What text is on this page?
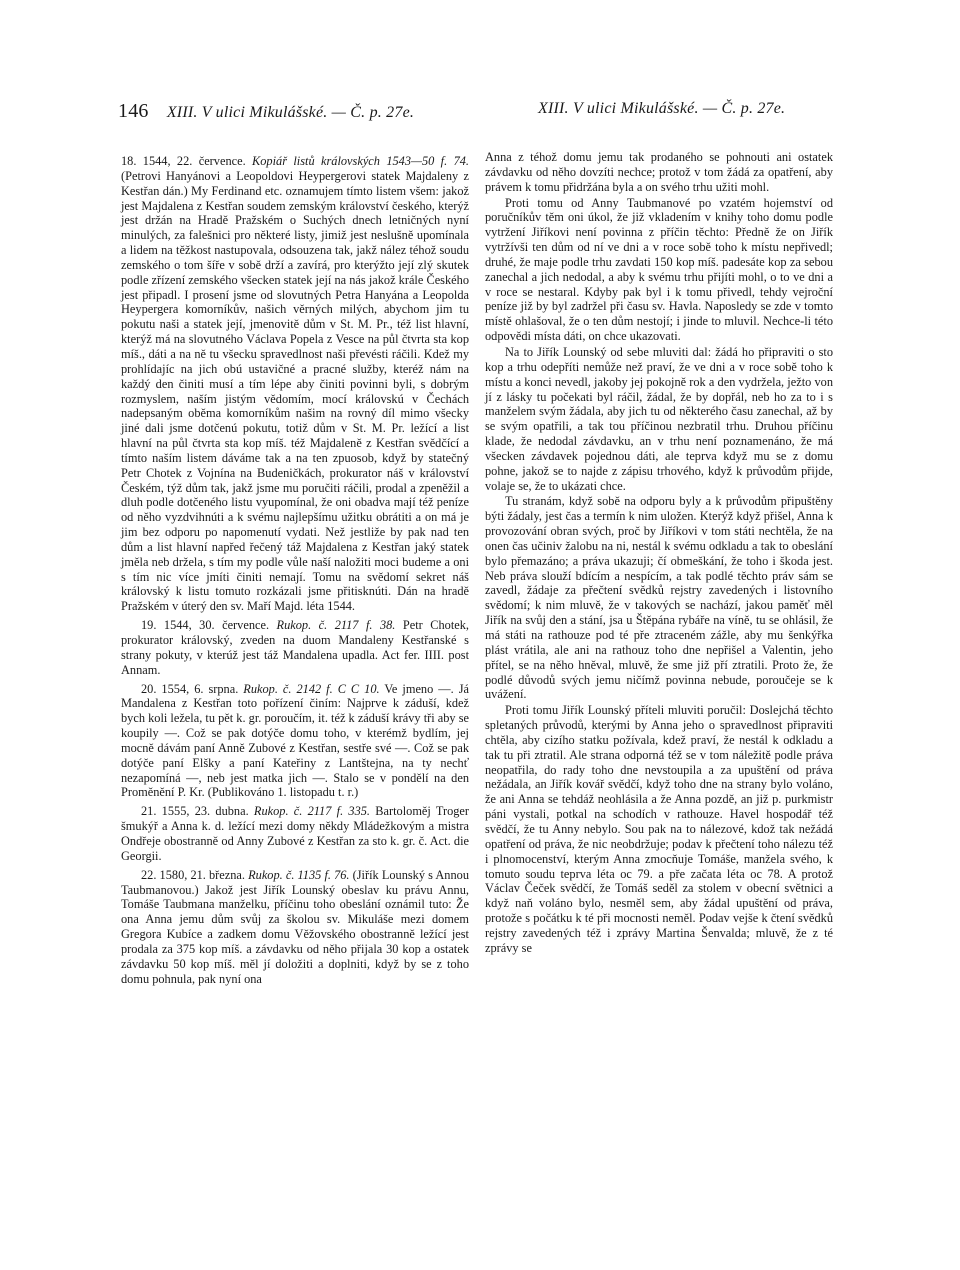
146 XIII. V ulici Mikulášské. — Č. p. 27e.	XIII. V ulici Mikulášské. — Č. p. 27e.

18. 1544, 22. července. Kopiář listů královských 1543—50 f. 74. (Petrovi Hanyánovi a Leopoldovi Heypergerovi statek Majdaleny z Kestřan dán.) My Ferdinand etc. oznamujem tímto listem všem: jakož jest Majdalena z Kestřan soudem zemským království českého, kterýž jest držán na Hradě Pražském o Suchých dnech letničných nyní minulých, za falešnici pro některé listy, jimiž jest neslušně upomínala a lidem na těžkost nastupovala, odsouzena tak, jakž nález téhož soudu zemského o tom šíře v sobě drží a zavírá, pro kterýžto její zlý skutek podle zřízení zemského všecken statek její na nás jakož krále Českého jest připadl. I prosení jsme od slovutných Petra Hanyána a Leopolda Heypergera komorníkův, našich věrných milých, abychom jim tu pokutu naši a statek její, jmenovitě dům v St. M. Pr., též list hlavní, kterýž má na slovutného Václava Popela z Vesce na půl čtvrta sta kop míš., dáti a na ně tu všecku spravedlnost naši převésti ráčili. Kdež my prohlídajíc na jich obú ustavičné a pracné služby, kteréž nám na každý den činiti musí a tím lépe aby činiti povinni byli, s dobrým rozmyslem, naším jistým vědomím, mocí královskú v Čechách nadepsaným oběma komorníkům našim na rovný díl mimo všecky jiné dali jsme dotčenú pokutu, totiž dům v St. M. Pr. ležící a list hlavní na půl čtvrta sta kop míš. též Majdaleně z Kestřan svědčící a tímto naším listem dáváme tak a na ten zpuosob, když by statečný Petr Chotek z Vojnína na Budeničkách, prokurator náš v království Českém, týž dům tak, jakž jsme mu poručiti ráčili, prodal a zpeněžil a dluh podle dotčeného listu vyupomínal, že oni obadva mají též peníze od něho vyzdvihnúti a k svému najlepšímu užitku obrátiti a on má je jim bez odporu po napomenutí vydati. Než jestliže by pak nad ten dům a list hlavní napřed řečený táž Majdalena z Kestřan jaký statek jměla neb držela, s tím my podle vůle naší naložiti moci budeme a oni s tím nic více jmíti činiti nemají. Tomu na svědomí sekret náš královský k listu tomuto rozkázali jsme přitisknúti. Dán na hradě Pražském v úterý den sv. Maří Majd. léta 1544.

19. 1544, 30. července. Rukop. č. 2117 f. 38. Petr Chotek, prokurator královský, zveden na duom Mandaleny Kestřanské s strany pokuty, v kterúž jest táž Mandalena upadla. Act fer. IIII. post Annam.

20. 1554, 6. srpna. Rukop. č. 2142 f. C C 10. Ve jmeno —. Já Mandalena z Kestřan toto pořízení činím: Najprve k záduší, kdež bych koli ležela, tu pět k. gr. poroučím, it. též k záduší krávy tři aby se koupily —. Což se pak dotýče domu toho, v kterémž bydlím, jej mocně dávám paní Anně Zubové z Kestřan, sestře své —. Což se pak dotýče paní Elšky a paní Kateřiny z Lantštejna, na ty nechť nezapomíná —, neb jest matka jich —. Stalo se v pondělí na den Proměnění P. Kr. (Publikováno 1. listopadu t. r.)

21. 1555, 23. dubna. Rukop. č. 2117 f. 335. Bartoloměj Troger šmukýř a Anna k. d. ležící mezi domy někdy Mládežkovým a mistra Ondřeje obostranně od Anny Zubové z Kestřan za sto k. gr. č. Act. die Georgii.

22. 1580, 21. března. Rukop. č. 1135 f. 76. (Jiřík Lounský s Annou Taubmanovou.) Jakož jest Jiřík Lounský obeslav ku právu Annu, Tomáše Taubmana manželku, příčinu toho obeslání oznámil tuto: Že ona Anna jemu dům svůj za školou sv. Mikuláše mezi domem Gregora Kubíce a zadkem domu Věžovského obostranně ležící jest prodala za 375 kop míš. a závdavku od něho přijala 30 kop a ostatek závdavku 50 kop míš. měl jí doložiti a doplniti, když by se z toho domu pohnula, pak nyní ona

Anna z téhož domu jemu tak prodaného se pohnouti ani ostatek závdavku od něho dovzíti nechce; protož v tom žádá za opatření, aby právem k tomu přidržána byla a on svého trhu užiti mohl.

Proti tomu od Anny Taubmanové po vzatém hojemství od poručníkův těm oni úkol, že již vkladením v knihy toho domu podle vytržení Jiříkovi není povinna z příčin těchto: Předně že on Jiřík vytržívši ten dům od ní ve dni a v roce sobě toho k místu nepřivedl; druhé, že maje podle trhu zavdati 150 kop míš. padesáte kop za sebou zanechal a jich nedodal, a aby k svému trhu přijíti mohl, o to ve dni a v roce se nestaral. Kdyby pak byl i k tomu přivedl, tehdy vejroční peníze již by byl zadržel při času sv. Havla. Naposledy se zde v tomto místě ohlašoval, že o ten dům nestojí; i jinde to mluvil. Nechce-li této odpovědi místa dáti, on chce ukazovati.

Na to Jiřík Lounský od sebe mluviti dal: žádá ho připraviti o sto kop a trhu odepříti nemůže než praví, že ve dni a v roce sobě toho k místu a konci nevedl, jakoby jej pokojně rok a den vydržela, ježto von jí z lásky tu počekati byl ráčil, žádal, že by dopřál, neb ho za to i s manželem svým žádala, aby jich tu od některého času zanechal, až by se svým opatřili, a tak tou příčinou nezbratil trhu. Druhou příčinu klade, že nedodal závdavku, an v trhu není poznamenáno, že má všecken závdavek pojednou dáti, ale teprva když mu se z domu pohne, jakož se to najde z zápisu trhového, když k průvodům přijde, volaje se, že to ukázati chce.

Tu stranám, když sobě na odporu byly a k průvodům připuštěny býti žádaly, jest čas a termín k nim uložen. Kterýž když přišel, Anna k provozování obran svých, proč by Jiříkovi v tom státi nechtěla, že na onen čas učiniv žalobu na ni, nestál k svému odkladu a tak to obeslání bylo přemazáno; a práva ukazuji; čí obmeškání, že toho i škoda jest. Neb práva slouží bdícím a nespícím, a tak podlé těchto práv sám se zavedl, žádaje za přečtení svědků rejstry zavedených i listovního svědomí; k nim mluvě, že v takových se nachází, jakou paměť měl Jiřík na svůj den a stání, jsa u Štěpána rybáře na víně, tu se ohlásil, že má státi na rathouze pod té pře ztraceném zážle, aby mu šenkýřka plást vrátila, ale ani na rathouz toho dne nepřišel a Valentin, jeho přítel, se na něho hněval, mluvě, že sme již pří ztratili. Proto že, že podlé důvodů svých jemu ničímž povinna nebude, poroučeje se k uvážení.

Proti tomu Jiřík Lounský příteli mluviti poručil: Doslejchá těchto spletaných průvodů, kterými by Anna jeho o spravedlnost připraviti chtěla, aby cizího statku požívala, kdež praví, že nestál k odkladu a tak tu při ztratil. Ale strana odporná též se v tom náležitě podle práva neopatřila, do rady toho dne nevstoupila a za upuštění od práva nežádala, an Jiřík kovář svědčí, když toho dne na strany bylo voláno, že ani Anna se tehdáž neohlásila a že Anna pozdě, an již p. purkmistr páni vystali, potkal na schodích v rathouze. Havel hospodář též svědčí, že tu Anny nebylo. Sou pak na to nálezové, kdož tak nežádá opatření od práva, že nic neobdržuje; podav k přečtení toho nálezu též i plnomocenství, kterým Anna zmocňuje Tomáše, manžela svého, k tomuto soudu teprva léta oc 79. a pře začata léta oc 78. A protož Václav Čeček svědčí, že Tomáš seděl za stolem v obecní světnici a když naň voláno bylo, nesměl sem, aby žádal upuštění od práva, protože s počátku k té při mocnosti neměl. Podav vejše k čtení svědků rejstry zavedených též i zprávy Martina Šenvalda; mluvě, že z té zprávy se
